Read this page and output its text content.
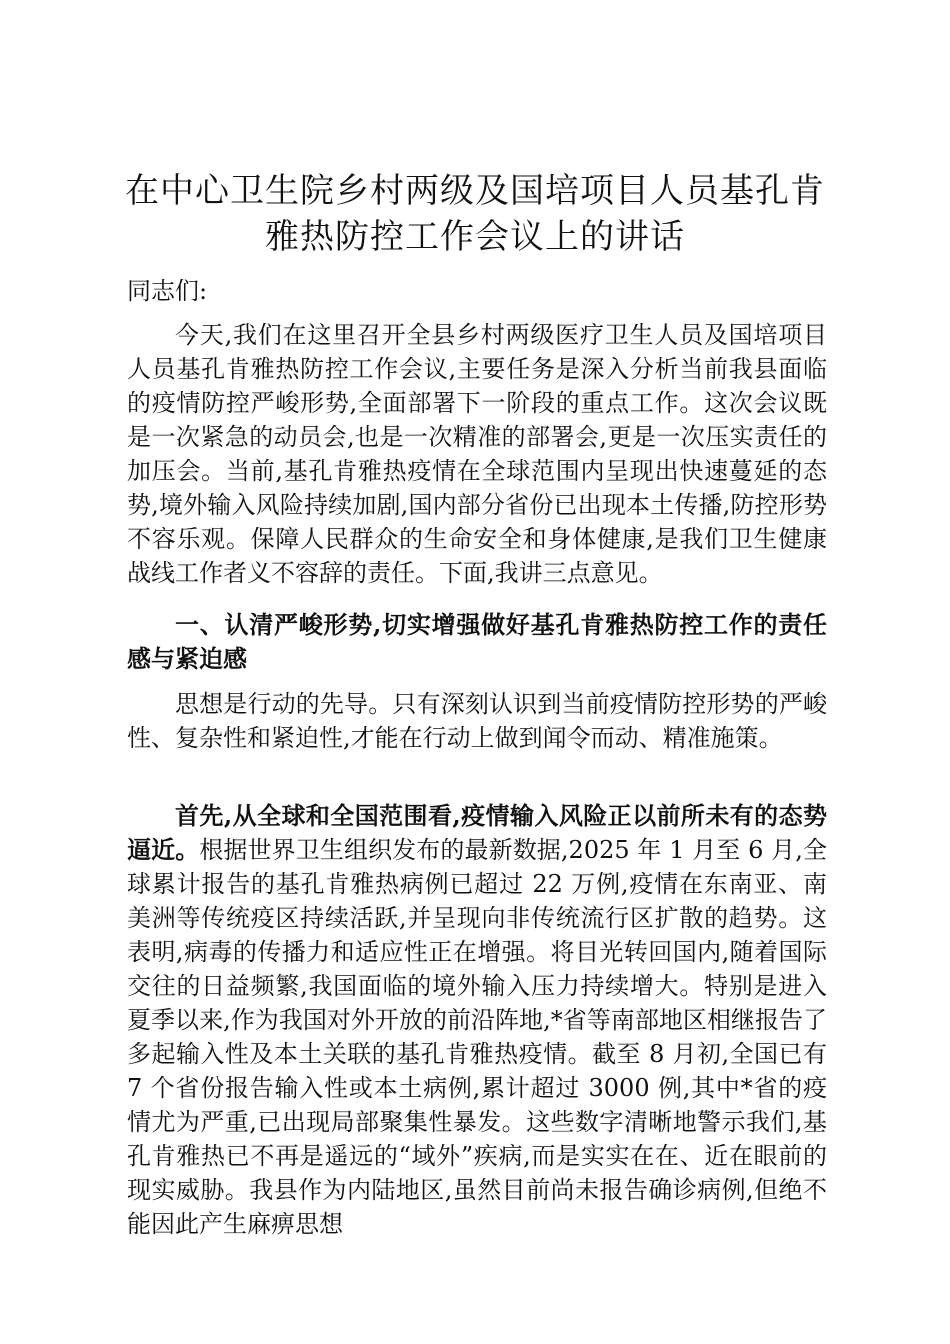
在中心卫生院乡村两级及国培项目人员基孔肯
雅热防控工作会议上的讲话

同志们:

今天,我们在这里召开全县乡村两级医疗卫生人员及国培项目人员基孔肯雅热防控工作会议,主要任务是深入分析当前我县面临的疫情防控严峻形势,全面部署下一阶段的重点工作。这次会议既是一次紧急的动员会,也是一次精准的部署会,更是一次压实责任的加压会。当前,基孔肯雅热疫情在全球范围内呈现出快速蔓延的态势,境外输入风险持续加剧,国内部分省份已出现本土传播,防控形势不容乐观。保障人民群众的生命安全和身体健康,是我们卫生健康战线工作者义不容辞的责任。下面,我讲三点意见。

一、认清严峻形势,切实增强做好基孔肯雅热防控工作的责任感与紧迫感

思想是行动的先导。只有深刻认识到当前疫情防控形势的严峻性、复杂性和紧迫性,才能在行动上做到闻令而动、精准施策。

首先,从全球和全国范围看,疫情输入风险正以前所未有的态势逼近。根据世界卫生组织发布的最新数据,2025 年 1 月至 6 月,全球累计报告的基孔肯雅热病例已超过 22 万例,疫情在东南亚、南美洲等传统疫区持续活跃,并呈现向非传统流行区扩散的趋势。这表明,病毒的传播力和适应性正在增强。将目光转回国内,随着国际交往的日益频繁,我国面临的境外输入压力持续增大。特别是进入夏季以来,作为我国对外开放的前沿阵地,*省等南部地区相继报告了多起输入性及本土关联的基孔肯雅热疫情。截至 8 月初,全国已有 7 个省份报告输入性或本土病例,累计超过 3000 例,其中*省的疫情尤为严重,已出现局部聚集性暴发。这些数字清晰地警示我们,基孔肯雅热已不再是遥远的“域外”疾病,而是实实在在、近在眼前的现实威胁。我县作为内陆地区,虽然目前尚未报告确诊病例,但绝不能因此产生麻痹思想
